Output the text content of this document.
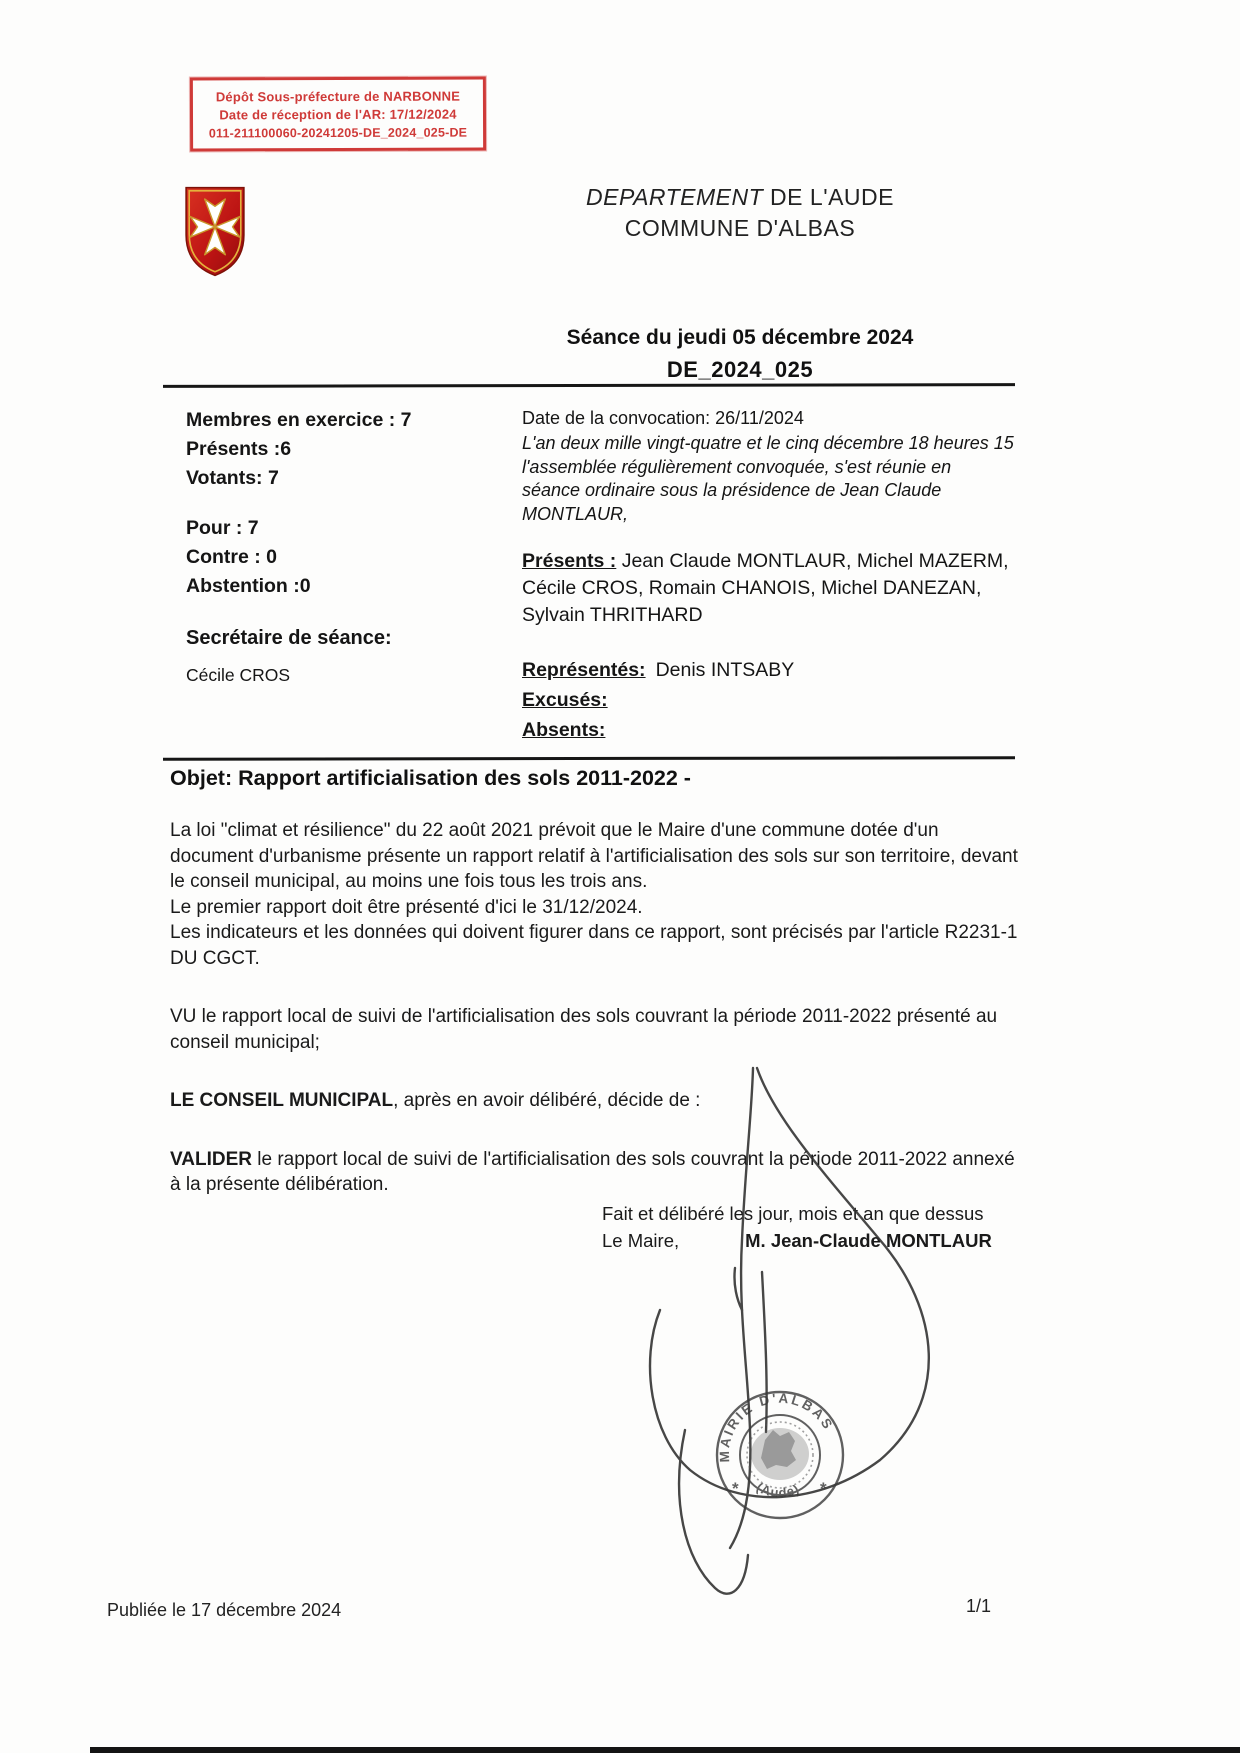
Dépôt Sous-préfecture de NARBONNE
Date de réception de l'AR: 17/12/2024
011-211100060-20241205-DE_2024_025-DE
DEPARTEMENT DE L'AUDE
COMMUNE D'ALBAS
Séance du jeudi 05 décembre 2024
DE_2024_025
Membres en exercice : 7
Présents :6
Votants: 7
Pour : 7
Contre : 0
Abstention :0
Secrétaire de séance:
Cécile CROS
Date de la convocation: 26/11/2024
L'an deux mille vingt-quatre et le cinq décembre 18 heures 15 l'assemblée régulièrement convoquée, s'est réunie en séance ordinaire sous la présidence de Jean Claude MONTLAUR,
Présents : Jean Claude MONTLAUR, Michel MAZERM, Cécile CROS, Romain CHANOIS, Michel DANEZAN, Sylvain THRITHARD
Représentés: Denis INTSABY
Excusés:
Absents:
Objet: Rapport artificialisation des sols 2011-2022 -

La loi "climat et résilience" du 22 août 2021 prévoit que le Maire d'une commune dotée d'un document d'urbanisme présente un rapport relatif à l'artificialisation des sols sur son territoire, devant le conseil municipal, au moins une fois tous les trois ans.

Le premier rapport doit être présenté d'ici le 31/12/2024.

Les indicateurs et les données qui doivent figurer dans ce rapport, sont précisés par l'article R2231-1 DU CGCT.

VU le rapport local de suivi de l'artificialisation des sols couvrant la période 2011-2022 présenté au conseil municipal;

LE CONSEIL MUNICIPAL, après en avoir délibéré, décide de :

VALIDER le rapport local de suivi de l'artificialisation des sols couvrant la période 2011-2022 annexé à la présente délibération.

Fait et délibéré les jour, mois et an que dessus
Le Maire,	M. Jean-Claude MONTLAUR
MAIRIE D'ALBAS
(Aude)
*	*
Publiée le 17 décembre 2024	1/1
